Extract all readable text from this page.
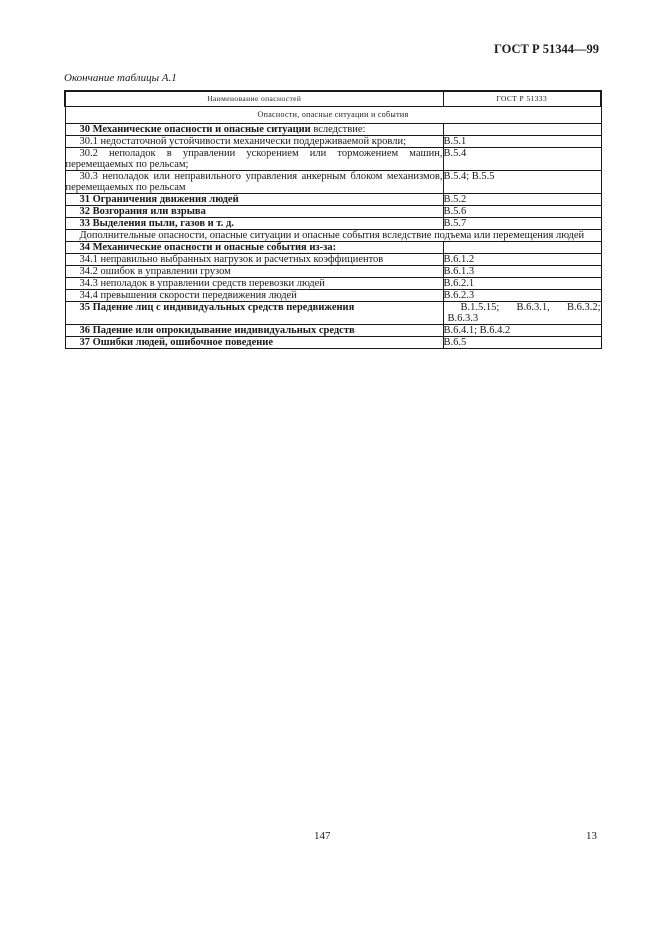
ГОСТ Р 51344—99
Окончание таблицы А.1
Наименование опасностей	ГОСТ Р 51333
Опасности, опасные ситуации и события	
30 Механические опасности и опасные ситуации вследствие:	
30.1 недостаточной устойчивости механически поддерживаемой кровли;	В.5.1
30.2 неполадок в управлении ускорением или торможением машин, перемещаемых по рельсам;	В.5.4
30.3 неполадок или неправильного управления анкерным блоком механизмов, перемещаемых по рельсам	В.5.4; В.5.5
31 Ограничения движения людей	В.5.2
32 Возгорания или взрыва	В.5.6
33 Выделения пыли, газов и т. д.	В.5.7
Дополнительные опасности, опасные ситуации и опасные события вследствие подъема или перемещения людей	
34 Механические опасности и опасные события из-за:	
34.1 неправильно выбранных нагрузок и расчетных коэффициентов	В.6.1.2
34.2 ошибок в управлении грузом	В.6.1.3
34.3 неполадок в управлении средств перевозки людей	В.6.2.1
34.4 превышения скорости передвижения людей	В.6.2.3
35 Падение лиц с индивидуальных средств передвижения	В.1.5.15; В.6.3.1, В.6.3.2; В.6.3.3
36 Падение или опрокидывание индивидуальных средств	В.6.4.1; В.6.4.2
37 Ошибки людей, ошибочное поведение	В.6.5
147	13
